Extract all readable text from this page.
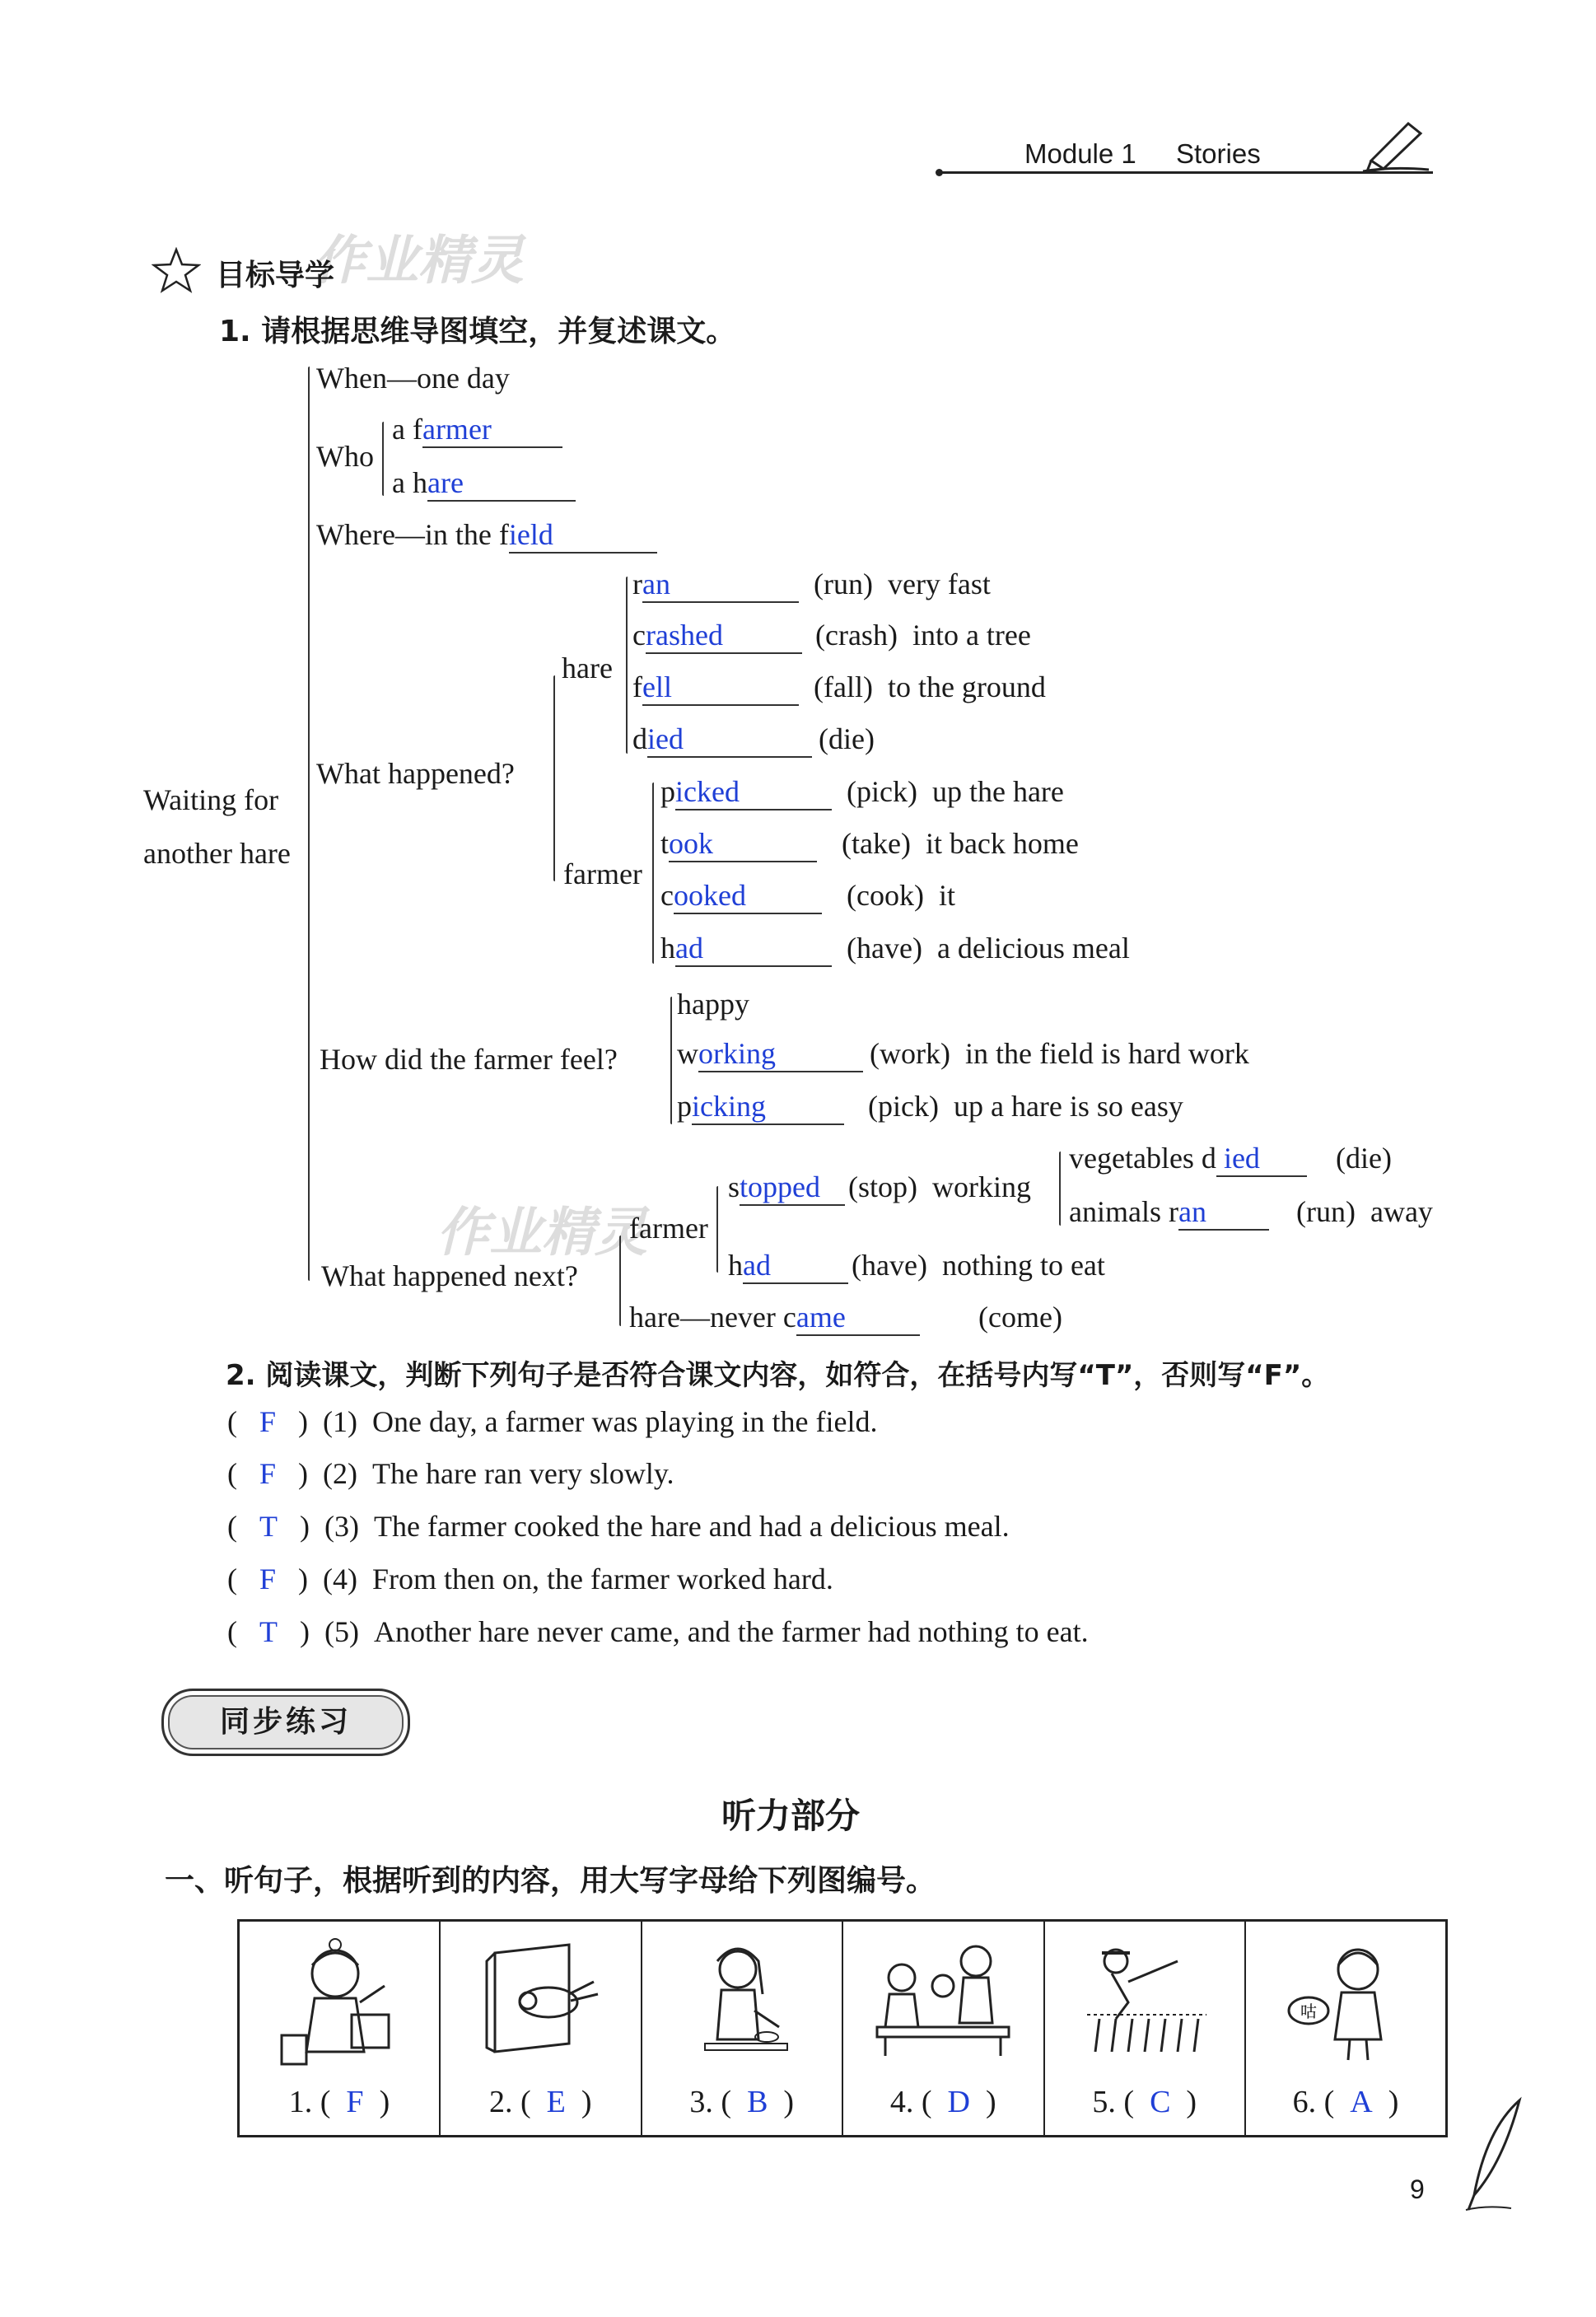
Module 1 Stories
作业精灵
作业精灵
目标导学
1. 请根据思维导图填空，并复述课文。
Waiting for
another hare
When—one day
Who
a farmer
a hare
Where—in the field
What happened?
hare
ran	(run) very fast
crashed	(crash) into a tree
fell	(fall) to the ground
died	(die)
farmer
picked	(pick) up the hare
took	(take) it back home
cooked	(cook) it
had	(have) a delicious meal
How did the farmer feel?
happy
working	(work) in the field is hard work
picking	(pick) up a hare is so easy
What happened next?
farmer
stopped (stop) working
vegetables d ied	(die)
animals ran	(run) away
had	(have) nothing to eat
hare—never came	(come)
2. 阅读课文，判断下列句子是否符合课文内容，如符合，在括号内写“T”，否则写“F”。
(   F   )  (1) One day, a farmer was playing in the field.
(   F   )  (2) The hare ran very slowly.
(   T   )  (3) The farmer cooked the hare and had a delicious meal.
(   F   )  (4) From then on, the farmer worked hard.
(   T   )  (5) Another hare never came, and the farmer had nothing to eat.
同步练习
听力部分
一、听句子，根据听到的内容，用大写字母给下列图编号。
1. (  F  )	2. (  E  )	3. (  B  )	4. (  D  )	5. (  C  )	
咕
6. (  A  )
9
